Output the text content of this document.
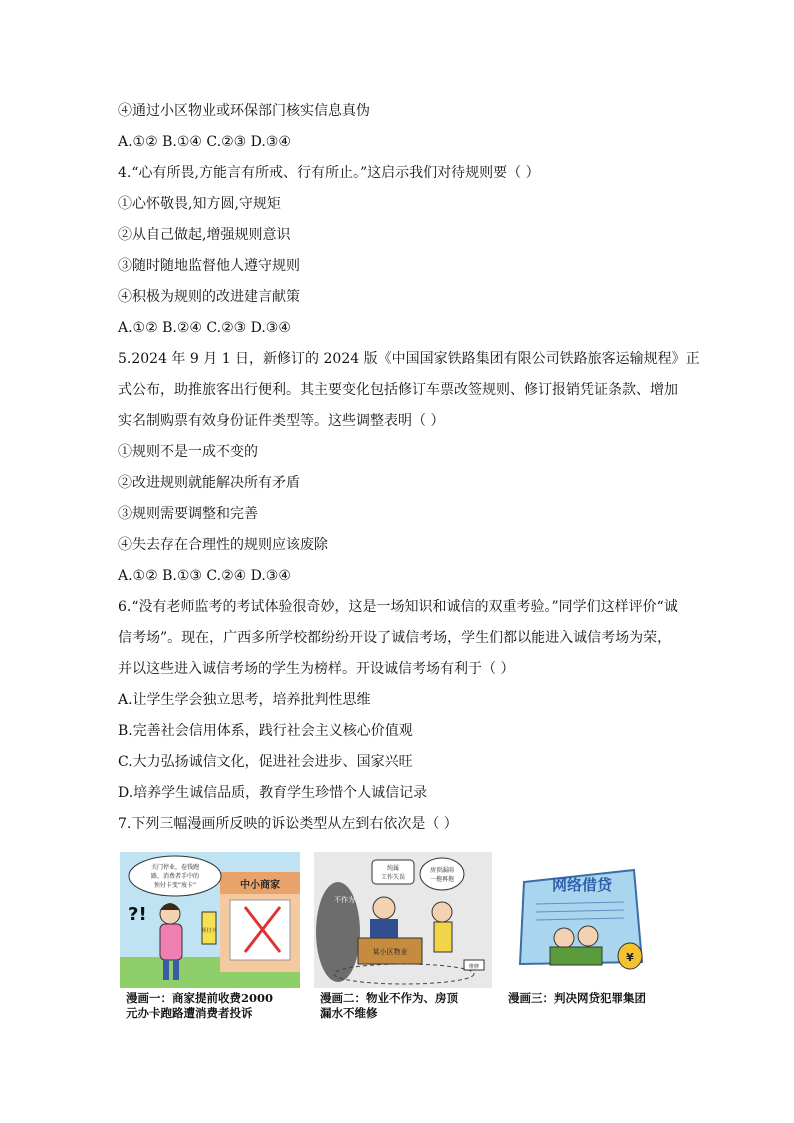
④通过小区物业或环保部门核实信息真伪
A.①② B.①④ C.②③ D.③④
4.“心有所畏,方能言有所戒、行有所止。”这启示我们对待规则要（ ）
①心怀敬畏,知方圆,守规矩
②从自己做起,增强规则意识
③随时随地监督他人遵守规则
④积极为规则的改进建言献策
A.①② B.②④ C.②③ D.③④
5.2024 年 9 月 1 日，新修订的 2024 版《中国国家铁路集团有限公司铁路旅客运输规程》正
式公布，助推旅客出行便利。其主要变化包括修订车票改签规则、修订报销凭证条款、增加
实名制购票有效身份证件类型等。这些调整表明（ ）
①规则不是一成不变的
②改进规则就能解决所有矛盾
③规则需要调整和完善
④失去存在合理性的规则应该废除
A.①② B.①③ C.②④ D.③④
6.“没有老师监考的考试体验很奇妙，这是一场知识和诚信的双重考验。”同学们这样评价“诚
信考场”。现在，广西多所学校都纷纷开设了诚信考场，学生们都以能进入诚信考场为荣，
并以这些进入诚信考场的学生为榜样。开设诚信考场有利于（ ）
A.让学生学会独立思考，培养批判性思维
B.完善社会信用体系，践行社会主义核心价值观
C.大力弘扬诚信文化，促进社会进步、国家兴旺
D.培养学生诚信品质，教育学生珍惜个人诚信记录
7.下列三幅漫画所反映的诉讼类型从左到右依次是（ ）
中小商家
预付卡
关门停业，卷钱跑
路，消费者手中的
预付卡变“废卡”
?!
漫画一：商家提前收费2000
元办卡跑路遭消费者投诉
不作为
纯属
工作失误
房顶漏雨
一拖再拖
某小区物业
维修
漫画二：物业不作为、房顶
漏水不维修
网络借贷
¥
漫画三：判决网贷犯罪集团
